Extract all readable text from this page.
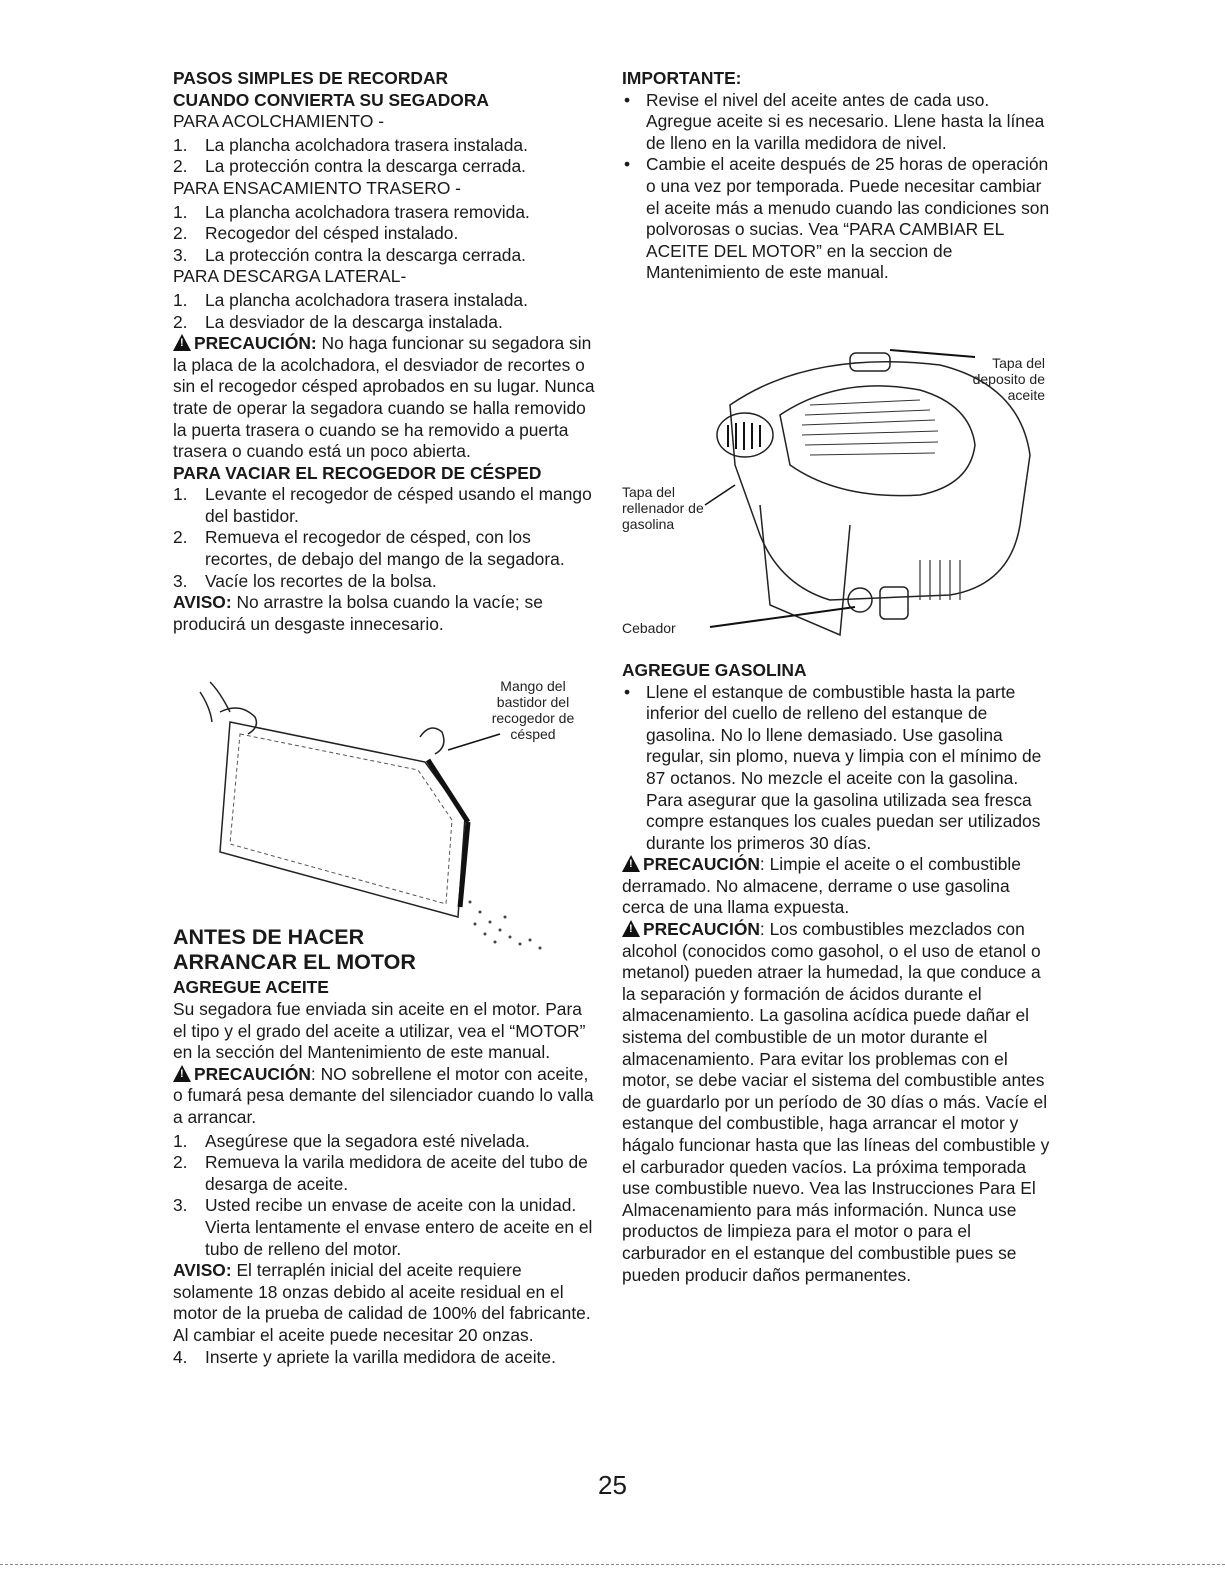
PASOS SIMPLES DE RECORDAR

CUANDO CONVIERTA SU SEGADORA

PARA ACOLCHAMIENTO -

1.	La plancha acolchadora trasera instalada.
2.	La protección contra la descarga cerrada.

PARA ENSACAMIENTO TRASERO -

1.	La plancha acolchadora trasera removida.
2.	Recogedor del césped instalado.
3.	La protección contra la descarga cerrada.

PARA DESCARGA LATERAL-

1.	La plancha acolchadora trasera instalada.
2.	La desviador de la descarga instalada.

!PRECAUCIÓN: No haga funcionar su segadora sin la placa de la acolchadora, el desviador de recortes o sin el recogedor césped aprobados en su lugar. Nunca trate de operar la segadora cuando se halla removido la puerta trasera o cuando se ha removido a puerta trasera o cuando está un poco abierta.

PARA VACIAR EL RECOGEDOR DE CÉSPED

1.	Levante el recogedor de césped usando el mango del bastidor.
2.	Remueva el recogedor de césped, con los recortes, de debajo del mango de la segadora.
3.	Vacíe los recortes de la bolsa.

AVISO: No arrastre la bolsa cuando la vacíe; se producirá un desgaste innecesario.

ANTES DE HACER

ARRANCAR EL MOTOR

AGREGUE ACEITE

Su segadora fue enviada sin aceite en el motor. Para el tipo y el grado del aceite a utilizar, vea el “MOTOR” en la sección del Mantenimiento de este manual.

!PRECAUCIÓN: NO sobrellene el motor con aceite, o fumará pesa demante del silenciador cuando lo valla a arrancar.

1.	Asegúrese que la segadora esté nivelada.
2.	Remueva la varila medidora de aceite del tubo de desarga de aceite.
3.	Usted recibe un envase de aceite con la unidad. Vierta lentamente el envase entero de aceite en el tubo de relleno del motor.

AVISO: El terraplén inicial del aceite requiere solamente 18 onzas debido al aceite residual en el motor de la prueba de calidad de 100% del fabricante. Al cambiar el aceite puede necesitar 20 onzas.

4.	Inserte y apriete la varilla medidora de aceite.
Mango del bastidor del recogedor de césped

IMPORTANTE:

• Revise el nivel del aceite antes de cada uso. Agregue aceite si es necesario. Llene hasta la línea de lleno en la varilla medidora de nivel.
• Cambie el aceite después de 25 horas de operación o una vez por temporada. Puede necesitar cambiar el aceite más a menudo cuando las condiciones son polvorosas o sucias. Vea “PARA CAMBIAR EL ACEITE DEL MOTOR” en la seccion de Mantenimiento de este manual.

AGREGUE GASOLINA

• Llene el estanque de combustible hasta la parte inferior del cuello de relleno del estanque de gasolina. No lo llene demasiado. Use gasolina regular, sin plomo, nueva y limpia con el mínimo de 87 octanos. No mezcle el aceite con la gasolina. Para asegurar que la gasolina utilizada sea fresca compre estanques los cuales puedan ser utilizados durante los primeros 30 días.

!PRECAUCIÓN: Limpie el aceite o el combustible derramado. No almacene, derrame o use gasolina cerca de una llama expuesta.

!PRECAUCIÓN: Los combustibles mezclados con alcohol (conocidos como gasohol, o el uso de etanol o metanol) pueden atraer la humedad, la que conduce a la separación y formación de ácidos durante el almacenamiento. La gasolina acídica puede dañar el sistema del combustible de un motor durante el almacenamiento. Para evitar los problemas con el motor, se debe vaciar el sistema del combustible antes de guardarlo por un período de 30 días o más. Vacíe el estanque del combustible, haga arrancar el motor y hágalo funcionar hasta que las líneas del combustible y el carburador queden vacíos. La próxima temporada use combustible nuevo. Vea las Instrucciones Para El Almacenamiento para más información. Nunca use productos de limpieza para el motor o para el carburador en el estanque del combustible pues se pueden producir daños permanentes.

Tapa del deposito de aceite
Tapa del rellenador de gasolina
Cebador
25
